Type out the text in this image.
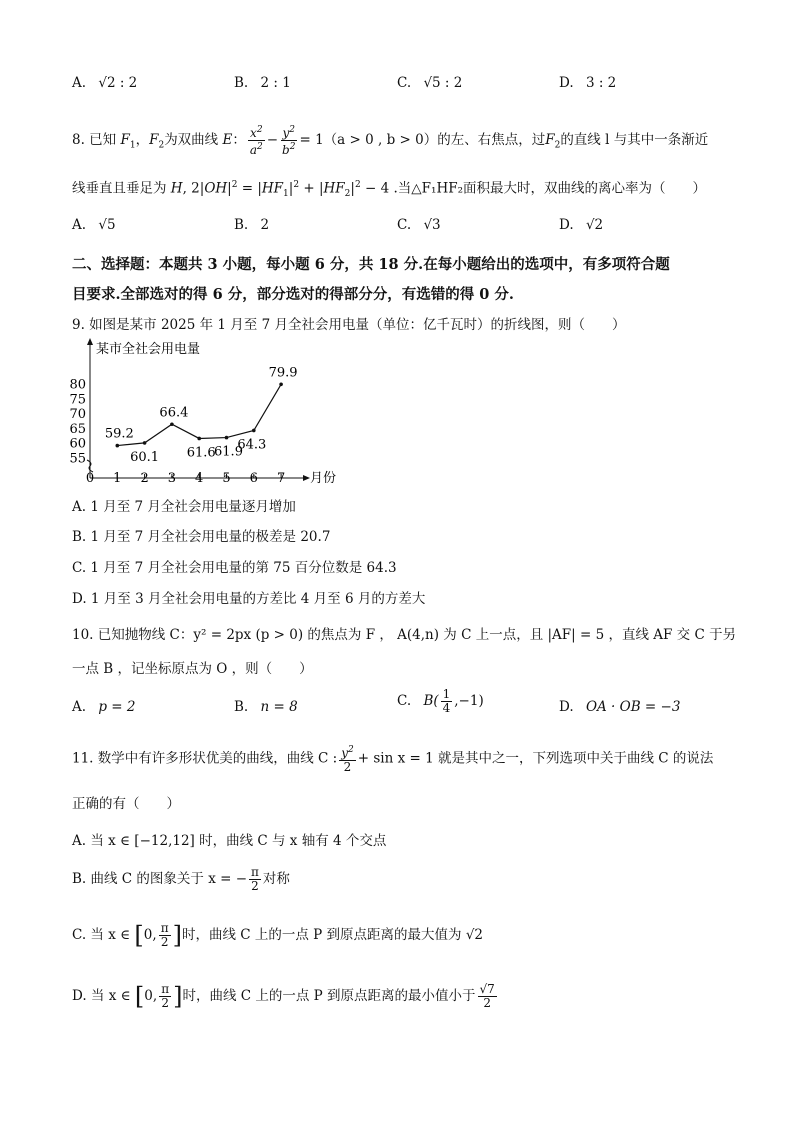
A. √2 : 2	B. 2 : 1	C. √5 : 2	D. 3 : 2
8. 已知 $F_1$，$F_2$为双曲线 E： $\frac{x^2}{a^2} - \frac{y^2}{b^2} = 1(a > 0$ , b > 0）的左、右焦点，过$F_2$的直线 l 与其中一条渐近
线垂直且垂足为 H, $2|OH|^2 = |HF_1|^2 + |HF_2|^2 - 4$ .当△F₁HF₂面积最大时，双曲线的离心率为（　　）
A. √5	B. 2	C. √3	D. √2
二、选择题：本题共 3 小题，每小题 6 分，共 18 分.在每小题给出的选项中，有多项符合题
目要求.全部选对的得 6 分，部分选对的得部分分，有选错的得 0 分.
9. 如图是某市 2025 年 1 月至 7 月全社会用电量（单位：亿千瓦时）的折线图，则（　　）
某市全社会用电量
月份
55
60
65
70
75
80
0 1 2 3 4 5 6 7
59.2
60.1
66.4
61.6
61.9
64.3
79.9
A. 1 月至 7 月全社会用电量逐月增加
B. 1 月至 7 月全社会用电量的极差是 20.7
C. 1 月至 7 月全社会用电量的第 75 百分位数是 64.3
D. 1 月至 3 月全社会用电量的方差比 4 月至 6 月的方差大
10. 已知抛物线 C：y² = 2px (p > 0) 的焦点为 F ， A(4,n) 为 C 上一点，且 |AF| = 5 ，直线 AF 交 C 于另
一点 B ，记坐标原点为 O ，则（　　）
A. p = 2	B. n = 8	C. $B( \frac{1}{4} ,-1)$	D. OA · OB = −3
11. 数学中有许多形状优美的曲线，曲线 C : $\frac{y^2}{2} + \sin x = 1$ 就是其中之一，下列选项中关于曲线 C 的说法
正确的有（　　）
A. 当 x ∈ [−12,12] 时，曲线 C 与 x 轴有 4 个交点
B. 曲线 C 的图象关于 x = − $\frac{\pi}{2}$ 对称
C. 当 x ∈ [0, $\frac{\pi}{2}$ ]时，曲线 C 上的一点 P 到原点距离的最大值为 √2
D. 当 x ∈ [0, $\frac{\pi}{2}$ ]时，曲线 C 上的一点 P 到原点距离的最小值小于 $\frac{√7}{2}$
